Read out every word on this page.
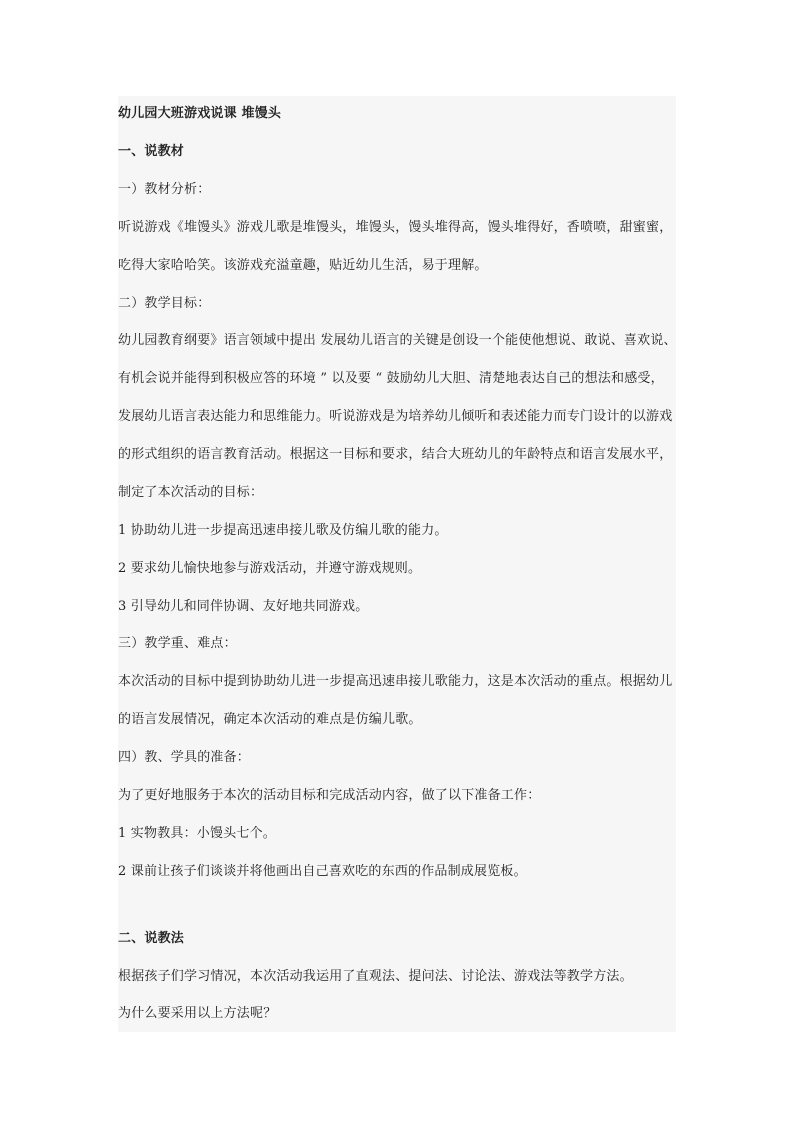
幼儿园大班游戏说课 堆馒头
一、说教材
一）教材分析：
听说游戏《堆馒头》游戏儿歌是堆馒头，堆馒头，馒头堆得高，馒头堆得好，香喷喷，甜蜜蜜，
吃得大家哈哈笑。该游戏充溢童趣，贴近幼儿生活，易于理解。
二）教学目标：
幼儿园教育纲要》语言领域中提出 发展幼儿语言的关键是创设一个能使他想说、敢说、喜欢说、
有机会说并能得到积极应答的环境 ” 以及要 “ 鼓励幼儿大胆、清楚地表达自己的想法和感受，
发展幼儿语言表达能力和思维能力。听说游戏是为培养幼儿倾听和表述能力而专门设计的以游戏
的形式组织的语言教育活动。根据这一目标和要求，结合大班幼儿的年龄特点和语言发展水平，
制定了本次活动的目标：
1 协助幼儿进一步提高迅速串接儿歌及仿编儿歌的能力。
2 要求幼儿愉快地参与游戏活动，并遵守游戏规则。
3 引导幼儿和同伴协调、友好地共同游戏。
三）教学重、难点：
本次活动的目标中提到协助幼儿进一步提高迅速串接儿歌能力，这是本次活动的重点。根据幼儿
的语言发展情况，确定本次活动的难点是仿编儿歌。
四）教、学具的准备：
为了更好地服务于本次的活动目标和完成活动内容，做了以下准备工作：
1 实物教具：小馒头七个。
2 课前让孩子们谈谈并将他画出自己喜欢吃的东西的作品制成展览板。
二、说教法
根据孩子们学习情况，本次活动我运用了直观法、提问法、讨论法、游戏法等教学方法。
为什么要采用以上方法呢？
